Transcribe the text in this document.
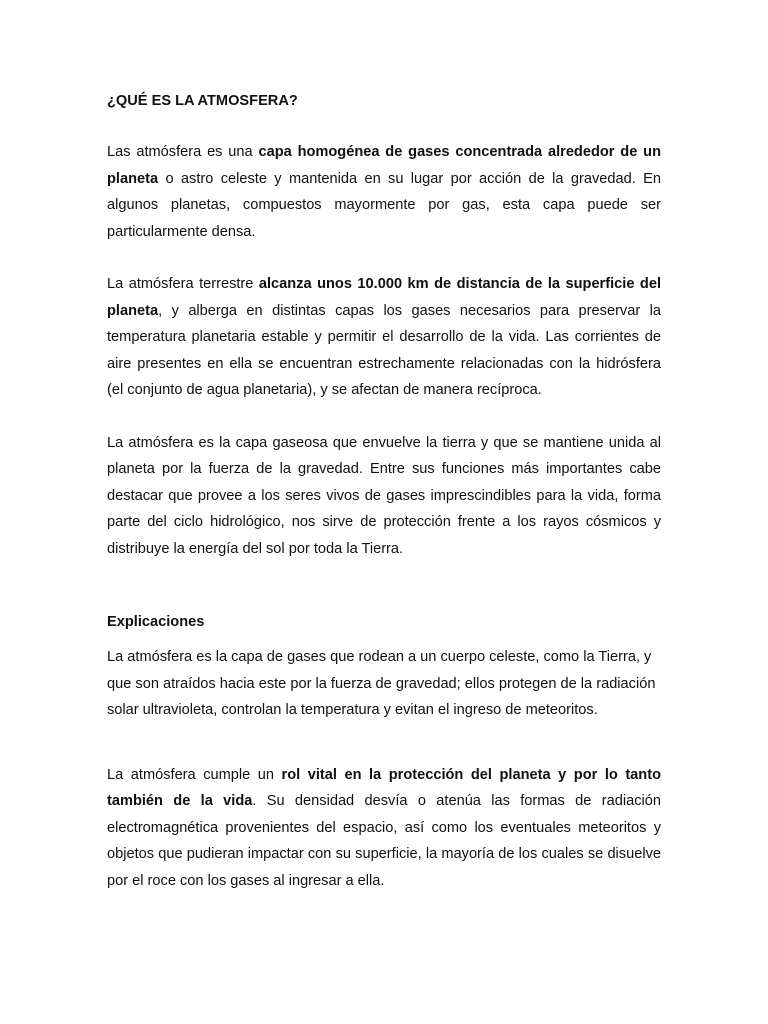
¿QUÉ ES LA ATMOSFERA?

Las atmósfera es una capa homogénea de gases concentrada alrededor de un planeta o astro celeste y mantenida en su lugar por acción de la gravedad. En algunos planetas, compuestos mayormente por gas, esta capa puede ser particularmente densa.

La atmósfera terrestre alcanza unos 10.000 km de distancia de la superficie del planeta, y alberga en distintas capas los gases necesarios para preservar la temperatura planetaria estable y permitir el desarrollo de la vida. Las corrientes de aire presentes en ella se encuentran estrechamente relacionadas con la hidrósfera (el conjunto de agua planetaria), y se afectan de manera recíproca.

La atmósfera es la capa gaseosa que envuelve la tierra y que se mantiene unida al planeta por la fuerza de la gravedad. Entre sus funciones más importantes cabe destacar que provee a los seres vivos de gases imprescindibles para la vida, forma parte del ciclo hidrológico, nos sirve de protección frente a los rayos cósmicos y distribuye la energía del sol por toda la Tierra.

Explicaciones

La atmósfera es la capa de gases que rodean a un cuerpo celeste, como la Tierra, y que son atraídos hacia este por la fuerza de gravedad; ellos protegen de la radiación solar ultravioleta, controlan la temperatura y evitan el ingreso de meteoritos.

La atmósfera cumple un rol vital en la protección del planeta y por lo tanto también de la vida. Su densidad desvía o atenúa las formas de radiación electromagnética provenientes del espacio, así como los eventuales meteoritos y objetos que pudieran impactar con su superficie, la mayoría de los cuales se disuelve por el roce con los gases al ingresar a ella.
